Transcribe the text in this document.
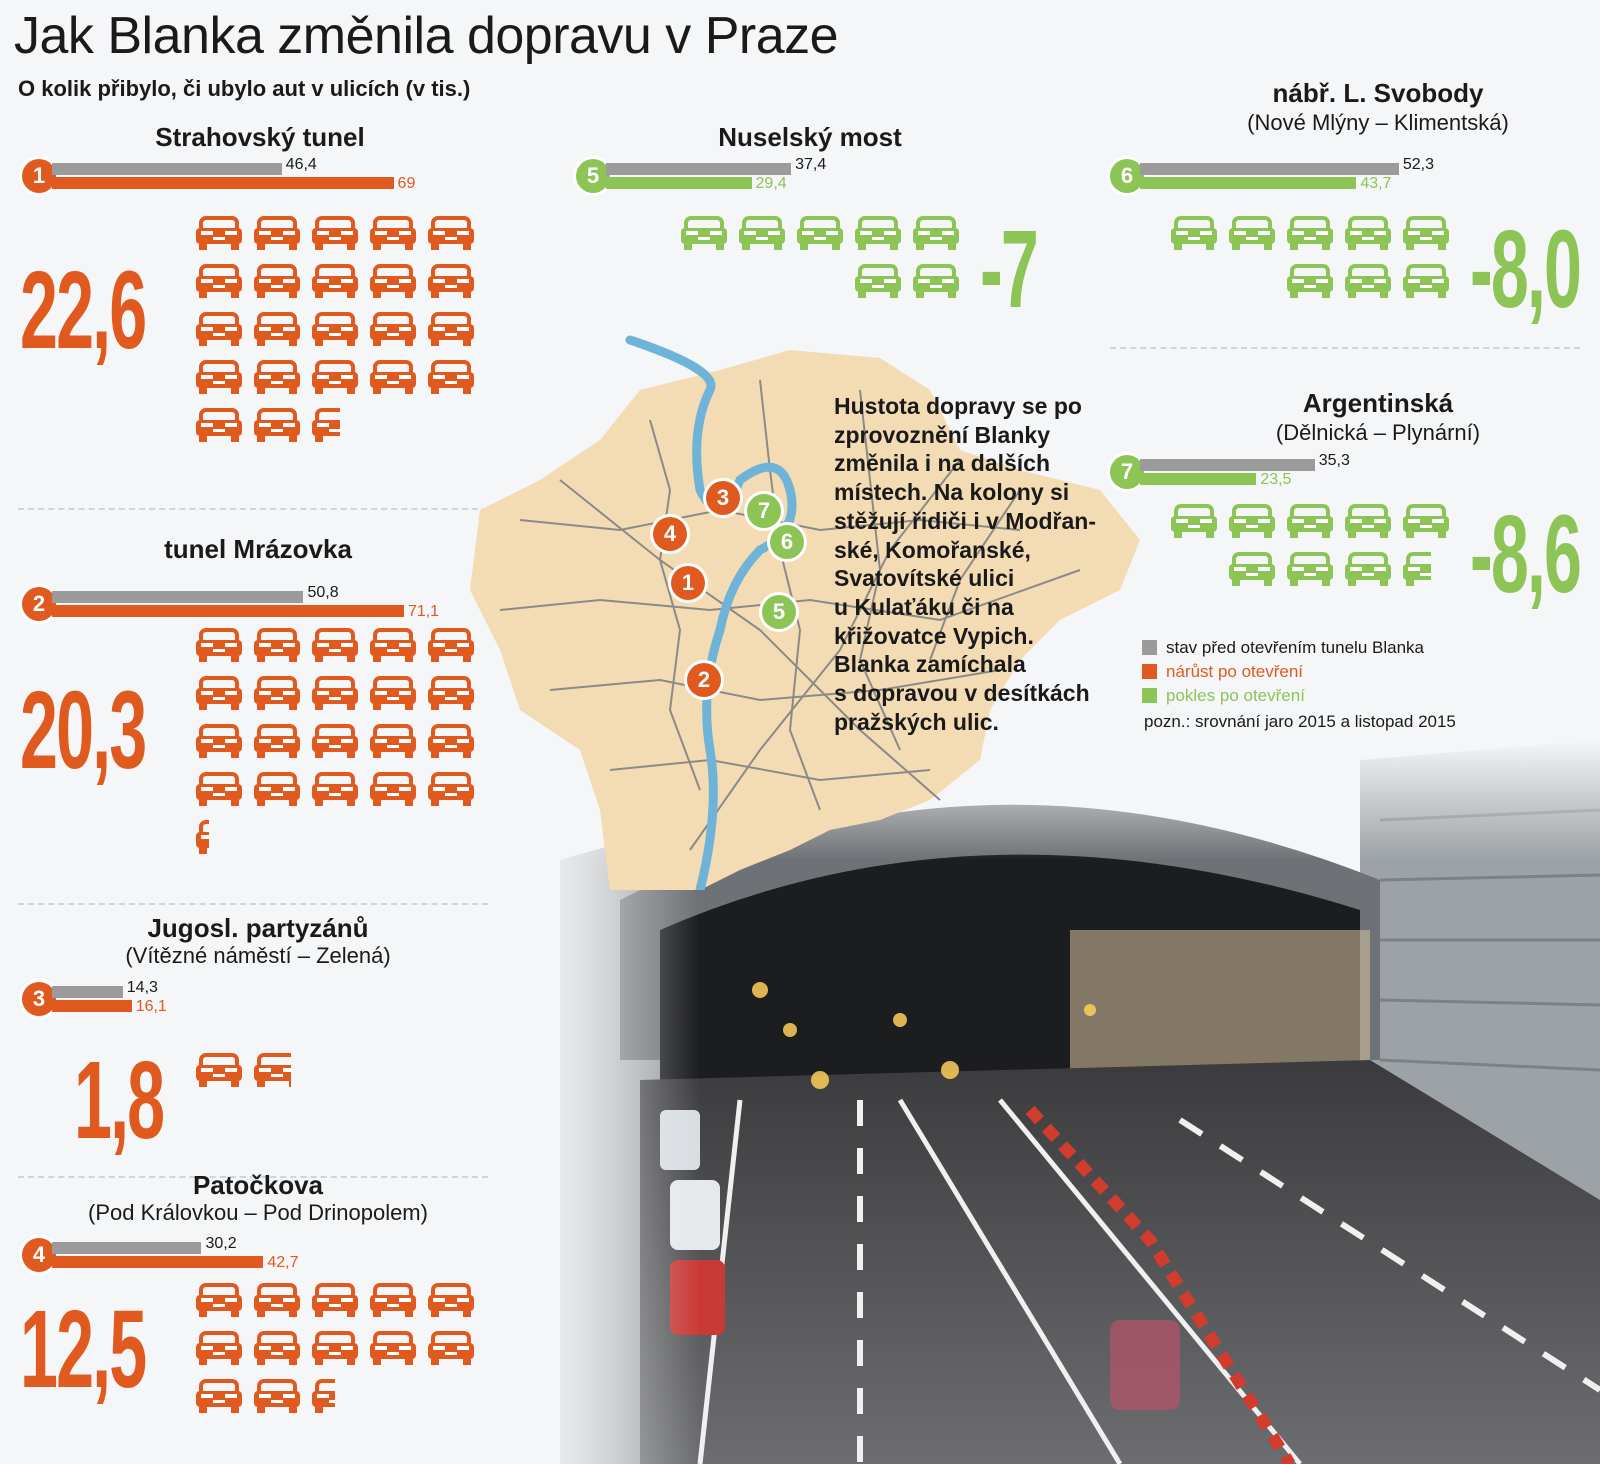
Jak Blanka změnila dopravu v Praze
O kolik přibylo, či ubylo aut v ulicích (v tis.)
Strahovský tunel
1	46,4
69
22,6
tunel Mrázovka
2	50,8
71,1
20,3
Jugosl. partyzánů
(Vítězné náměstí – Zelená)
3	14,3
16,1
1,8
Patočkova
(Pod Královkou – Pod Drinopolem)
4	30,2
42,7
12,5
Nuselský most
5	37,4
29,4
-7
nábř. L. Svobody
(Nové Mlýny – Klimentská)
6	52,3
43,7
-8,0
Argentinská
(Dělnická – Plynární)
7	35,3
23,5
-8,6
1
2
3
4
5
6
7
Hustota dopravy se po
zprovoznění Blanky
změnila i na dalších
místech. Na kolony si
stěžují řidiči i v Modřan-
ské, Komořanské,
Svatovítské ulici
u Kulaťáku či na
křižovatce Vypich.
Blanka zamíchala
s dopravou v desítkách
pražských ulic.
stav před otevřením tunelu Blanka
nárůst po otevření
pokles po otevření
pozn.: srovnání jaro 2015 a listopad 2015
